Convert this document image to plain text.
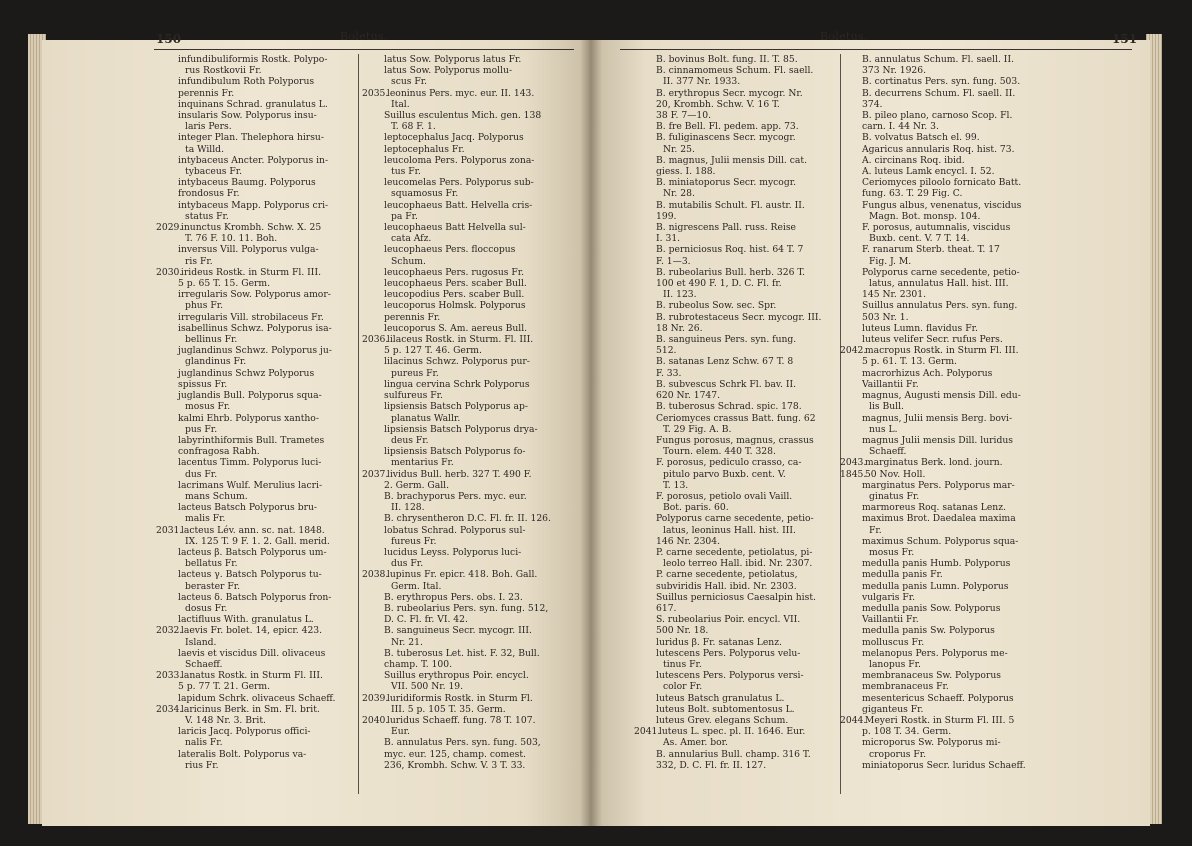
150	Boletus.	Boletus.	151
infundibuliformis Rostk. Polypo-
rus Rostkovii Fr.
infundibulum Roth Polyporus
perennis Fr.
inquinans Schrad. granulatus L.
insularis Sow. Polyporus insu-
laris Pers.
integer Plan. Thelephora hirsu-
ta Willd.
intybaceus Ancter. Polyporus in-
tybaceus Fr.
intybaceus Baumg. Polyporus
frondosus Fr.
intybaceus Mapp. Polyporus cri-
status Fr.
2029. inunctus Krombh. Schw. X. 25
T. 76 F. 10. 11. Boh.
inversus Vill. Polyporus vulga-
ris Fr.
2030. irideus Rostk. in Sturm Fl. III.
5 p. 65 T. 15. Germ.
irregularis Sow. Polyporus amor-
phus Fr.
irregularis Vill. strobilaceus Fr.
isabellinus Schwz. Polyporus isa-
bellinus Fr.
juglandinus Schwz. Polyporus ju-
glandinus Fr.
juglandinus Schwz Polyporus
spissus Fr.
juglandis Bull. Polyporus squa-
mosus Fr.
kalmi Ehrb. Polyporus xantho-
pus Fr.
labyrinthiformis Bull. Trametes
confragosa Rabh.
lacentus Timm. Polyporus luci-
dus Fr.
lacrimans Wulf. Merulius lacri-
mans Schum.
lacteus Batsch Polyporus bru-
malis Fr.
2031. lacteus Lév. ann. sc. nat. 1848.
IX. 125 T. 9 F. 1. 2. Gall. merid.
lacteus β. Batsch Polyporus um-
bellatus Fr.
lacteus γ. Batsch Polyporus tu-
beraster Fr.
lacteus δ. Batsch Polyporus fron-
dosus Fr.
lactifluus With. granulatus L.
2032. laevis Fr. bolet. 14, epicr. 423.
Island.
laevis et viscidus Dill. olivaceus
Schaeff.
2033. lanatus Rostk. in Sturm Fl. III.
5 p. 77 T. 21. Germ.
lapidum Schrk. olivaceus Schaeff.
2034. laricinus Berk. in Sm. Fl. brit.
V. 148 Nr. 3. Brit.
laricis Jacq. Polyporus offici-
nalis Fr.
lateralis Bolt. Polyporus va-
rius Fr.
latus Sow. Polyporus latus Fr.
latus Sow. Polyporus mollu-
scus Fr.
2035. leoninus Pers. myc. eur. II. 143.
Ital.
Suillus esculentus Mich. gen. 138
T. 68 F. 1.
leptocephalus Jacq. Polyporus
leptocephalus Fr.
leucoloma Pers. Polyporus zona-
tus Fr.
leucomelas Pers. Polyporus sub-
squamosus Fr.
leucophaeus Batt. Helvella cris-
pa Fr.
leucophaeus Batt Helvella sul-
cata Afz.
leucophaeus Pers. floccopus
Schum.
leucophaeus Pers. rugosus Fr.
leucophaeus Pers. scaber Bull.
leucopodius Pers. scaber Bull.
leucoporus Holmsk. Polyporus
perennis Fr.
leucoporus S. Am. aereus Bull.
2036. lilaceus Rostk. in Sturm. Fl. III.
5 p. 127 T. 46. Germ.
lilacinus Schwz. Polyporus pur-
pureus Fr.
lingua cervina Schrk Polyporus
sulfureus Fr.
lipsiensis Batsch Polyporus ap-
planatus Wallr.
lipsiensis Batsch Polyporus drya-
deus Fr.
lipsiensis Batsch Polyporus fo-
mentarius Fr.
2037. lividus Bull. herb. 327 T. 490 F.
2. Germ. Gall.
B. brachyporus Pers. myc. eur.
II. 128.
B. chrysentheron D.C. Fl. fr. II. 126.
lobatus Schrad. Polyporus sul-
fureus Fr.
lucidus Leyss. Polyporus luci-
dus Fr.
2038. lupinus Fr. epicr. 418. Boh. Gall.
Germ. Ital.
B. erythropus Pers. obs. I. 23.
B. rubeolarius Pers. syn. fung. 512,
D. C. Fl. fr. VI. 42.
B. sanguineus Secr. mycogr. III.
Nr. 21.
B. tuberosus Let. hist. F. 32, Bull.
champ. T. 100.
Suillus erythropus Poir. encycl.
VII. 500 Nr. 19.
2039. luridiformis Rostk. in Sturm Fl.
III. 5 p. 105 T. 35. Germ.
2040. luridus Schaeff. fung. 78 T. 107.
Eur.
B. annulatus Pers. syn. fung. 503,
myc. eur. 125, champ. comest.
236, Krombh. Schw. V. 3 T. 33.
B. bovinus Bolt. fung. II. T. 85.
B. cinnamomeus Schum. Fl. saell.
II. 377 Nr. 1933.
B. erythropus Secr. mycogr. Nr.
20, Krombh. Schw. V. 16 T.
38 F. 7—10.
B. fre Bell. Fl. pedem. app. 73.
B. fuliginascens Secr. mycogr.
Nr. 25.
B. magnus, Julii mensis Dill. cat.
giess. I. 188.
B. miniatoporus Secr. mycogr.
Nr. 28.
B. mutabilis Schult. Fl. austr. II.
199.
B. nigrescens Pall. russ. Reise
I. 31.
B. perniciosus Roq. hist. 64 T. 7
F. 1—3.
B. rubeolarius Bull. herb. 326 T.
100 et 490 F. 1, D. C. Fl. fr.
II. 123.
B. rubeolus Sow. sec. Spr.
B. rubrotestaceus Secr. mycogr. III.
18 Nr. 26.
B. sanguineus Pers. syn. fung.
512.
B. satanas Lenz Schw. 67 T. 8
F. 33.
B. subvescus Schrk Fl. bav. II.
620 Nr. 1747.
B. tuberosus Schrad. spic. 178.
Ceriomyces crassus Batt. fung. 62
T. 29 Fig. A. B.
Fungus porosus, magnus, crassus
Tourn. elem. 440 T. 328.
F. porosus, pediculo crasso, ca-
pitulo parvo Buxb. cent. V.
T. 13.
F. porosus, petiolo ovali Vaill.
Bot. paris. 60.
Polyporus carne secedente, petio-
latus, leoninus Hall. hist. III.
146 Nr. 2304.
P. carne secedente, petiolatus, pi-
leolo terreo Hall. ibid. Nr. 2307.
P. carne secedente, petiolatus,
subviridis Hall. ibid. Nr. 2303.
Suillus perniciosus Caesalpin hist.
617.
S. rubeolarius Poir. encycl. VII.
500 Nr. 18.
luridus β. Fr. satanas Lenz.
lutescens Pers. Polyporus velu-
tinus Fr.
lutescens Pers. Polyporus versi-
color Fr.
luteus Batsch granulatus L.
luteus Bolt. subtomentosus L.
luteus Grev. elegans Schum.
2041. luteus L. spec. pl. II. 1646. Eur.
As. Amer. bor.
B. annularius Bull. champ. 316 T.
332, D. C. Fl. fr. II. 127.
B. annulatus Schum. Fl. saell. II.
373 Nr. 1926.
B. cortinatus Pers. syn. fung. 503.
B. decurrens Schum. Fl. saell. II.
374.
B. pileo plano, carnoso Scop. Fl.
carn. I. 44 Nr. 3.
B. volvatus Batsch el. 99.
Agaricus annularis Roq. hist. 73.
A. circinans Roq. ibid.
A. luteus Lamk encycl. I. 52.
Ceriomyces piloolo fornicato Batt.
fung. 63. T. 29 Fig. C.
Fungus albus, venenatus, viscidus
Magn. Bot. monsp. 104.
F. porosus, autumnalis, viscidus
Buxb. cent. V. 7 T. 14.
F. ranarum Sterb. theat. T. 17
Fig. J. M.
Polyporus carne secedente, petio-
latus, annulatus Hall. hist. III.
145 Nr. 2301.
Suillus annulatus Pers. syn. fung.
503 Nr. 1.
luteus Lumn. flavidus Fr.
luteus velifer Secr. rufus Pers.
2042. macropus Rostk. in Sturm Fl. III.
5 p. 61. T. 13. Germ.
macrorhizus Ach. Polyporus
Vaillantii Fr.
magnus, Augusti mensis Dill. edu-
lis Bull.
magnus, Julii mensis Berg. bovi-
nus L.
magnus Julii mensis Dill. luridus
Schaeff.
2043. marginatus Berk. lond. journ.
1845. 50 Nov. Holl.
marginatus Pers. Polyporus mar-
ginatus Fr.
marmoreus Roq. satanas Lenz.
maximus Brot. Daedalea maxima
Fr.
maximus Schum. Polyporus squa-
mosus Fr.
medulla panis Humb. Polyporus
medulla panis Fr.
medulla panis Lumn. Polyporus
vulgaris Fr.
medulla panis Sow. Polyporus
Vaillantii Fr.
medulla panis Sw. Polyporus
molluscus Fr.
melanopus Pers. Polyporus me-
lanopus Fr.
membranaceus Sw. Polyporus
membranaceus Fr.
mesentericus Schaeff. Polyporus
giganteus Fr.
2044. Meyeri Rostk. in Sturm Fl. III. 5
p. 108 T. 34. Germ.
microporus Sw. Polyporus mi-
croporus Fr.
miniatoporus Secr. luridus Schaeff.
